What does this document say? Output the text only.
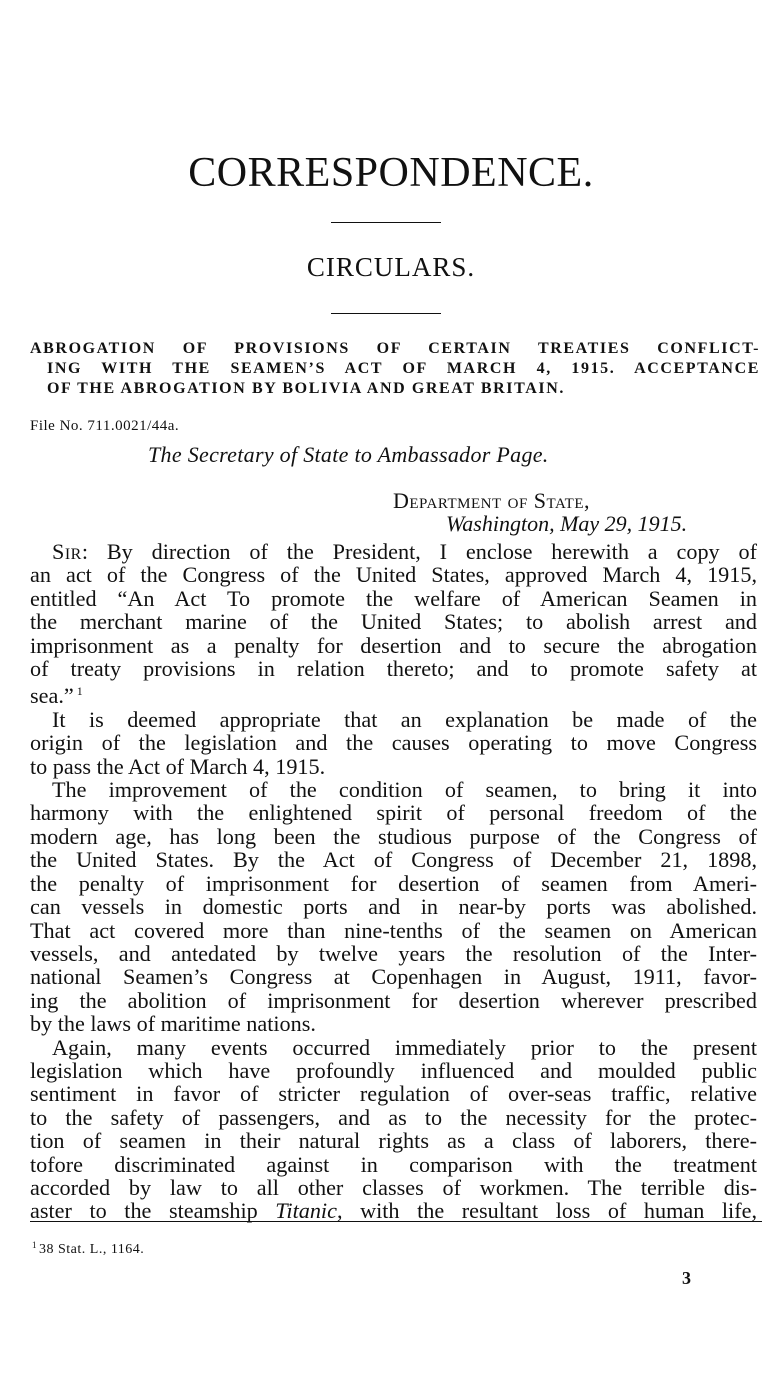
CORRESPONDENCE.
CIRCULARS.
ABROGATION OF PROVISIONS OF CERTAIN TREATIES CONFLICT-
ING WITH THE SEAMEN’S ACT OF MARCH 4, 1915. ACCEPTANCE
OF THE ABROGATION BY BOLIVIA AND GREAT BRITAIN.
File No. 711.0021/44a.
The Secretary of State to Ambassador Page.
Department of State,
Washington, May 29, 1915.
Sir: By direction of the President, I enclose herewith a copy of
an act of the Congress of the United States, approved March 4, 1915,
entitled “An Act To promote the welfare of American Seamen in
the merchant marine of the United States; to abolish arrest and
imprisonment as a penalty for desertion and to secure the abrogation
of treaty provisions in relation thereto; and to promote safety at
sea.” $^1$
It is deemed appropriate that an explanation be made of the
origin of the legislation and the causes operating to move Congress
to pass the Act of March 4, 1915.
The improvement of the condition of seamen, to bring it into
harmony with the enlightened spirit of personal freedom of the
modern age, has long been the studious purpose of the Congress of
the United States. By the Act of Congress of December 21, 1898,
the penalty of imprisonment for desertion of seamen from Ameri-
can vessels in domestic ports and in near-by ports was abolished.
That act covered more than nine-tenths of the seamen on American
vessels, and antedated by twelve years the resolution of the Inter-
national Seamen’s Congress at Copenhagen in August, 1911, favor-
ing the abolition of imprisonment for desertion wherever prescribed
by the laws of maritime nations.
Again, many events occurred immediately prior to the present
legislation which have profoundly influenced and moulded public
sentiment in favor of stricter regulation of over-seas traffic, relative
to the safety of passengers, and as to the necessity for the protec-
tion of seamen in their natural rights as a class of laborers, there-
tofore discriminated against in comparison with the treatment
accorded by law to all other classes of workmen. The terrible dis-
aster to the steamship Titanic, with the resultant loss of human life,
$^1$ 38 Stat. L., 1164.
3
